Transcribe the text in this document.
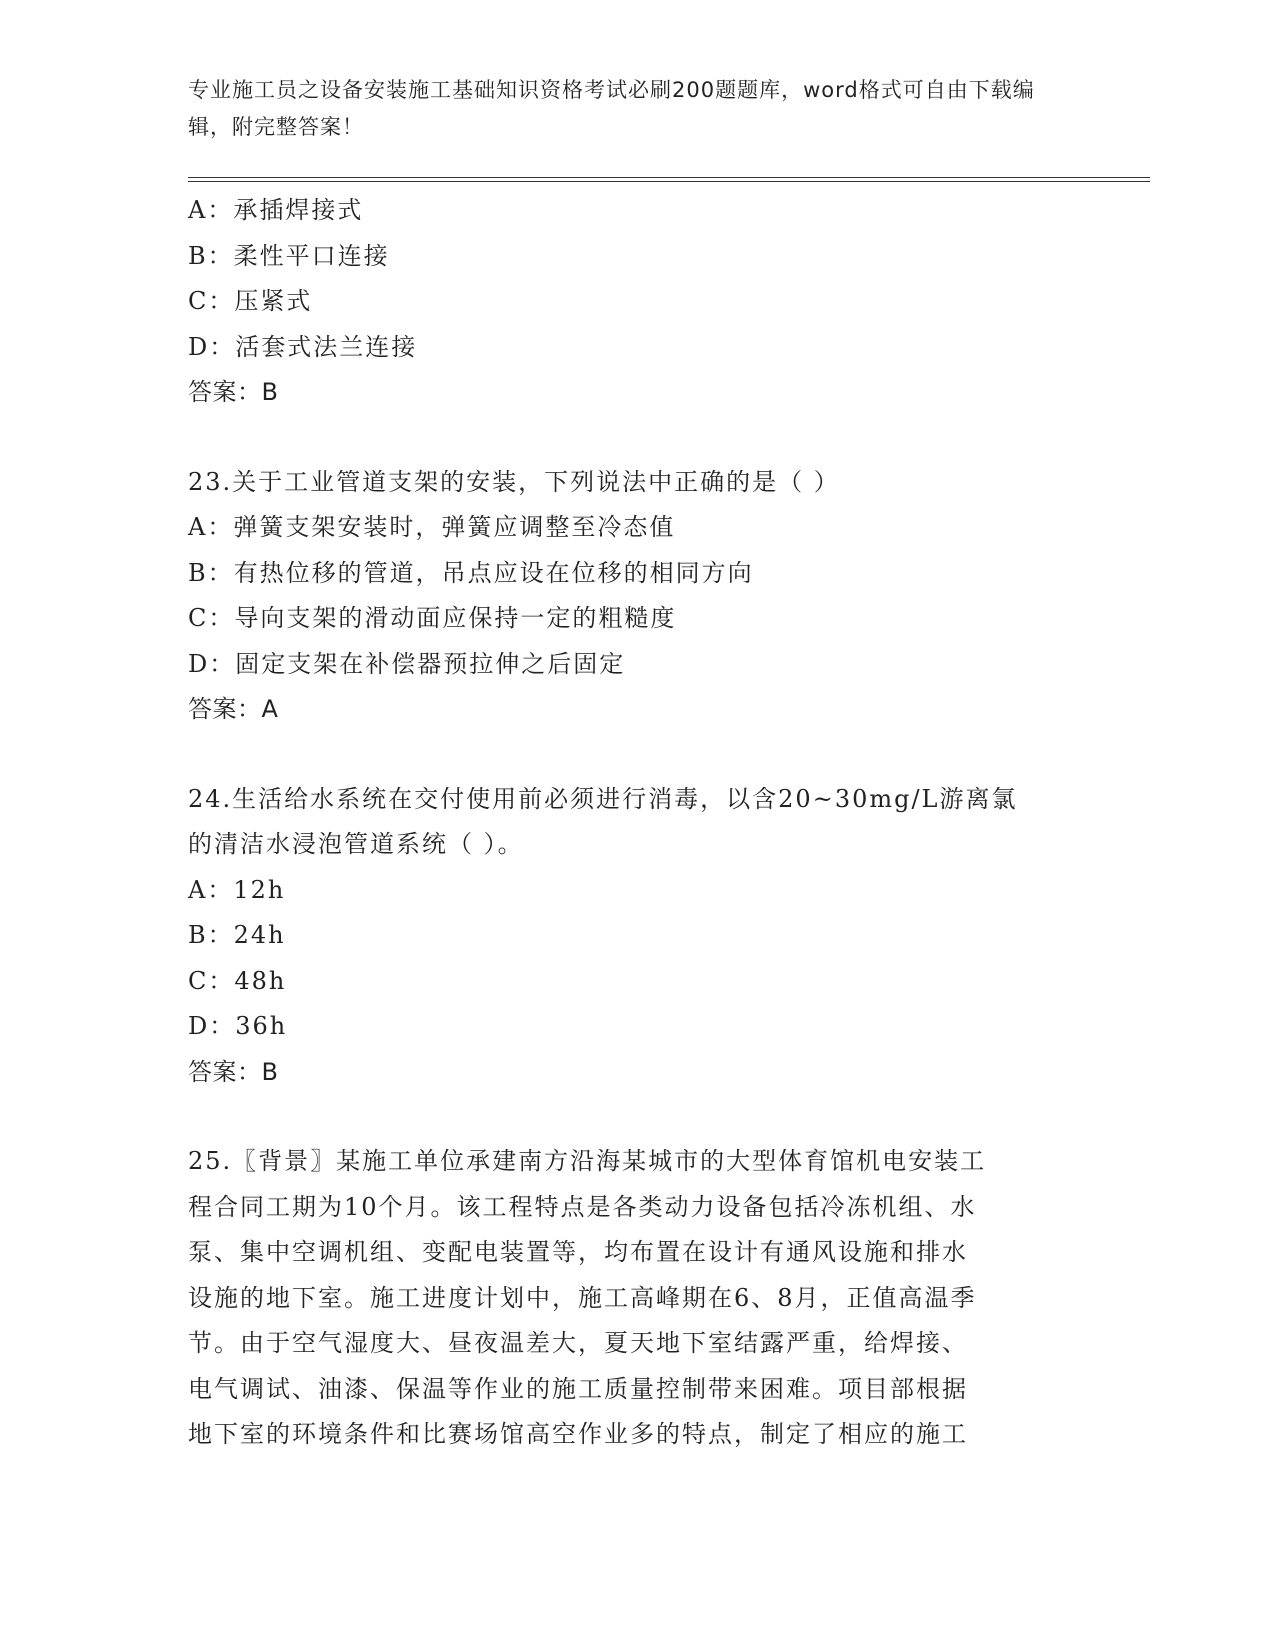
专业施工员之设备安装施工基础知识资格考试必刷200题题库，word格式可自由下载编辑，附完整答案！
A：承插焊接式
B：柔性平口连接
C：压紧式
D：活套式法兰连接
答案：B
23.关于工业管道支架的安装，下列说法中正确的是（ ）
A：弹簧支架安装时，弹簧应调整至冷态值
B：有热位移的管道，吊点应设在位移的相同方向
C：导向支架的滑动面应保持一定的粗糙度
D：固定支架在补偿器预拉伸之后固定
答案：A
24.生活给水系统在交付使用前必须进行消毒，以含20~30mg/L游离氯
的清洁水浸泡管道系统（ ）。
A：12h
B：24h
C：48h
D：36h
答案：B
25.〖背景〗某施工单位承建南方沿海某城市的大型体育馆机电安装工
程合同工期为10个月。该工程特点是各类动力设备包括冷冻机组、水
泵、集中空调机组、变配电装置等，均布置在设计有通风设施和排水
设施的地下室。施工进度计划中，施工高峰期在6、8月，正值高温季
节。由于空气湿度大、昼夜温差大，夏天地下室结露严重，给焊接、
电气调试、油漆、保温等作业的施工质量控制带来困难。项目部根据
地下室的环境条件和比赛场馆高空作业多的特点，制定了相应的施工
